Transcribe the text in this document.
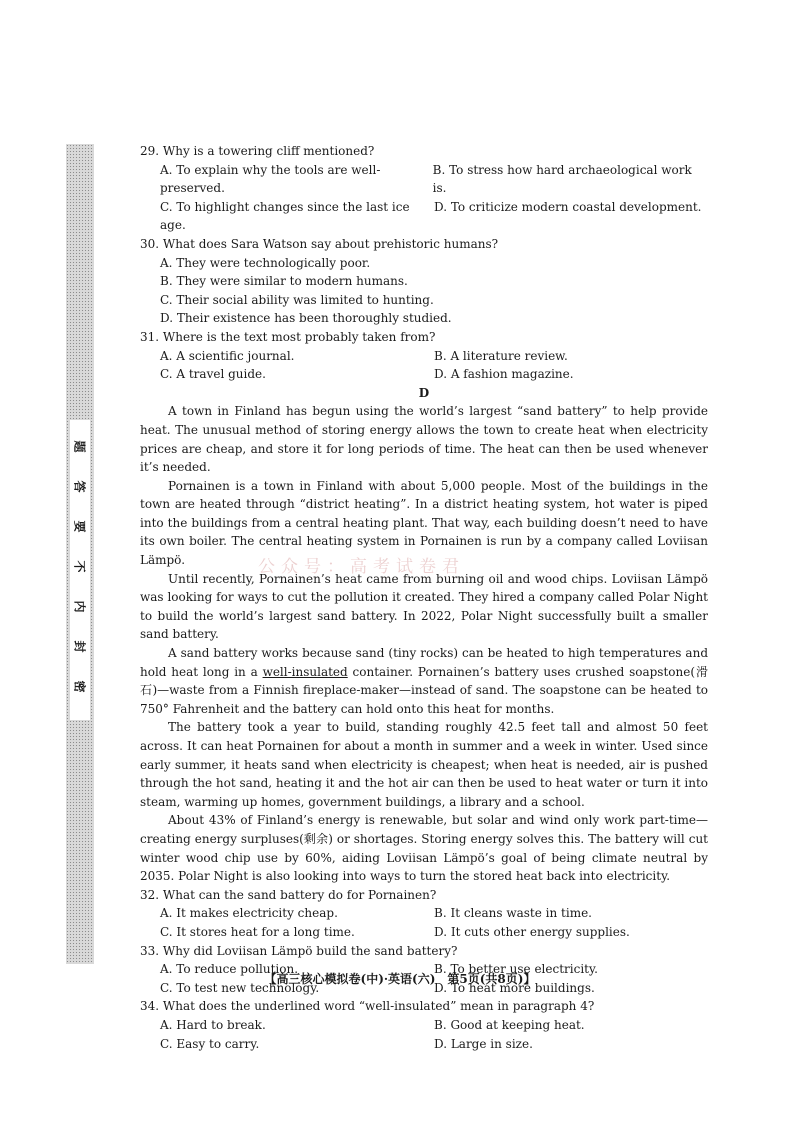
题
答
要
不
内
封
密
公众号：高考试卷君

29. Why is a towering cliff mentioned?

A. To explain why the tools are well-preserved.
B. To stress how hard archaeological work is.
C. To highlight changes since the last ice age.
D. To criticize modern coastal development.

30. What does Sara Watson say about prehistoric humans?

A. They were technologically poor.
B. They were similar to modern humans.
C. Their social ability was limited to hunting.
D. Their existence has been thoroughly studied.

31. Where is the text most probably taken from?

A. A scientific journal.	B. A literature review.
C. A travel guide.	D. A fashion magazine.

D

A town in Finland has begun using the world’s largest “sand battery” to help provide heat. The unusual method of storing energy allows the town to create heat when electricity prices are cheap, and store it for long periods of time. The heat can then be used whenever it’s needed.

Pornainen is a town in Finland with about 5,000 people. Most of the buildings in the town are heated through “district heating”. In a district heating system, hot water is piped into the buildings from a central heating plant. That way, each building doesn’t need to have its own boiler. The central heating system in Pornainen is run by a company called Loviisan Lämpö.

Until recently, Pornainen’s heat came from burning oil and wood chips. Loviisan Lämpö was looking for ways to cut the pollution it created. They hired a company called Polar Night to build the world’s largest sand battery. In 2022, Polar Night successfully built a smaller sand battery.

A sand battery works because sand (tiny rocks) can be heated to high temperatures and hold heat long in a well-insulated container. Pornainen’s battery uses crushed soapstone(滑石)—waste from a Finnish fireplace-maker—instead of sand. The soapstone can be heated to 750° Fahrenheit and the battery can hold onto this heat for months.

The battery took a year to build, standing roughly 42.5 feet tall and almost 50 feet across. It can heat Pornainen for about a month in summer and a week in winter. Used since early summer, it heats sand when electricity is cheapest; when heat is needed, air is pushed through the hot sand, heating it and the hot air can then be used to heat water or turn it into steam, warming up homes, government buildings, a library and a school.

About 43% of Finland’s energy is renewable, but solar and wind only work part-time—creating energy surpluses(剩余) or shortages. Storing energy solves this. The battery will cut winter wood chip use by 60%, aiding Loviisan Lämpö’s goal of being climate neutral by 2035. Polar Night is also looking into ways to turn the stored heat back into electricity.

32. What can the sand battery do for Pornainen?

A. It makes electricity cheap.	B. It cleans waste in time.
C. It stores heat for a long time.	D. It cuts other energy supplies.

33. Why did Loviisan Lämpö build the sand battery?

A. To reduce pollution.	B. To better use electricity.
C. To test new technology.	D. To heat more buildings.

34. What does the underlined word “well-insulated” mean in paragraph 4?

A. Hard to break.	B. Good at keeping heat.
C. Easy to carry.	D. Large in size.
【高三核心模拟卷(中)·英语(六)　第5页(共8页)】
